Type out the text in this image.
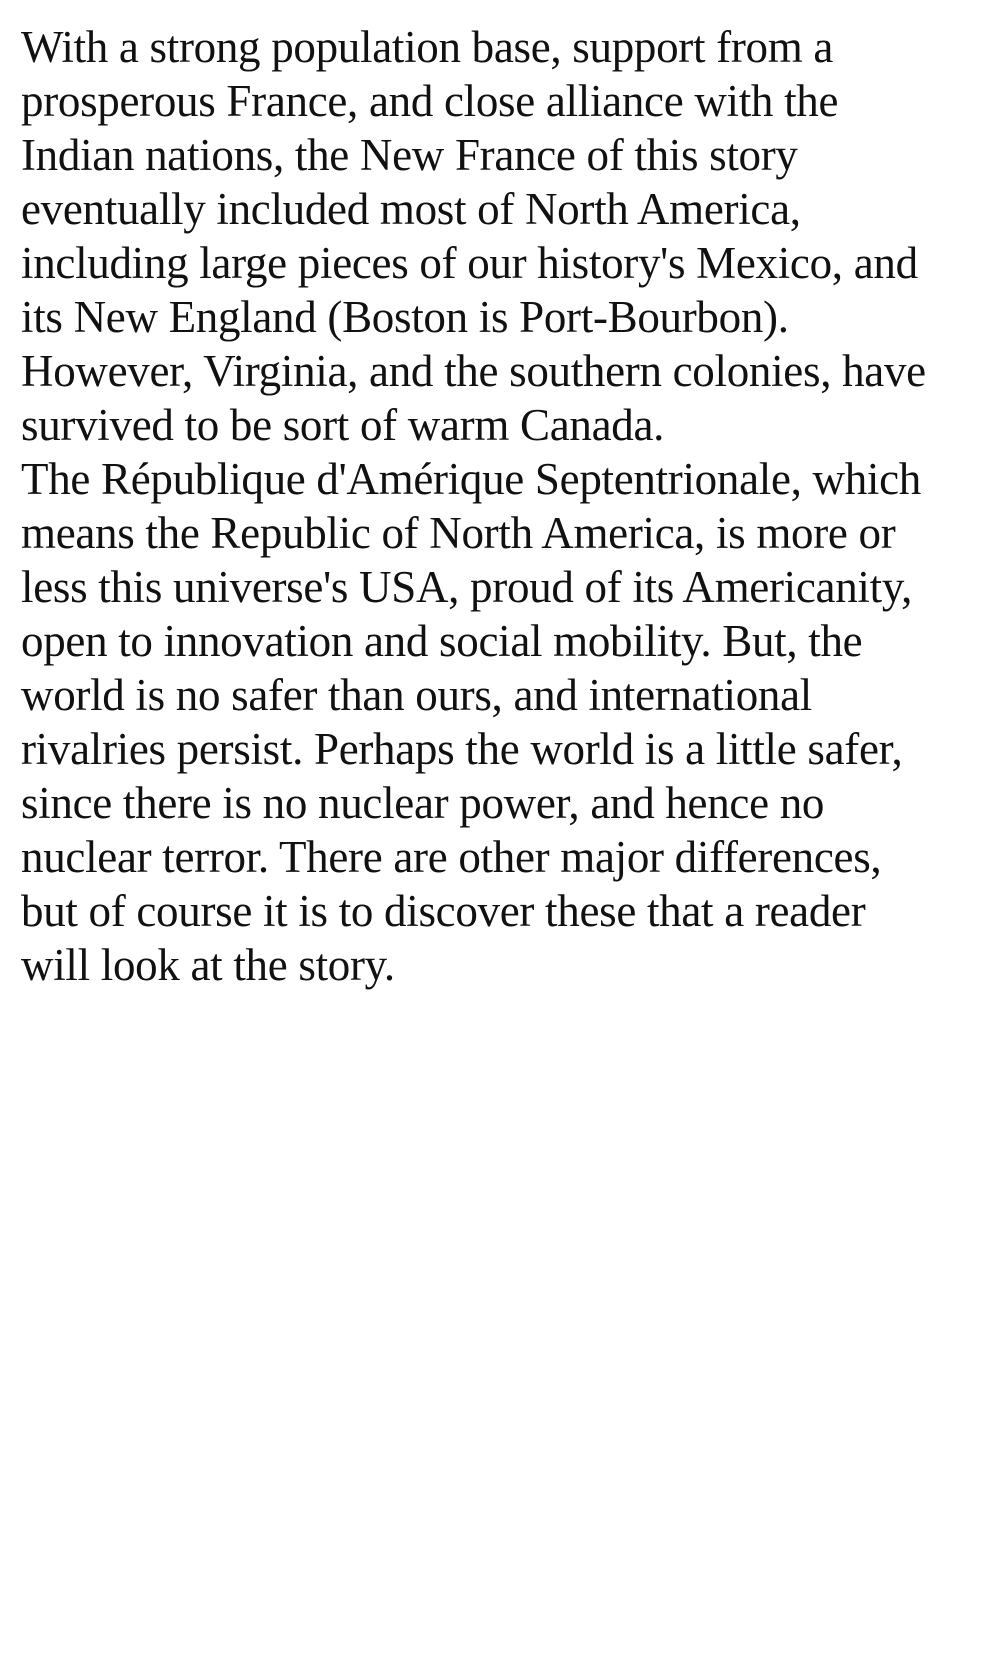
With a strong population base, support from a
prosperous France, and close alliance with the
Indian nations, the New France of this story
eventually included most of North America,
including large pieces of our history's Mexico, and
its New England (Boston is Port-Bourbon).
However, Virginia, and the southern colonies, have
survived to be sort of warm Canada.

The République d'Amérique Septentrionale, which
means the Republic of North America, is more or
less this universe's USA, proud of its Americanity,
open to innovation and social mobility. But, the
world is no safer than ours, and international
rivalries persist. Perhaps the world is a little safer,
since there is no nuclear power, and hence no
nuclear terror. There are other major differences,
but of course it is to discover these that a reader
will look at the story.
